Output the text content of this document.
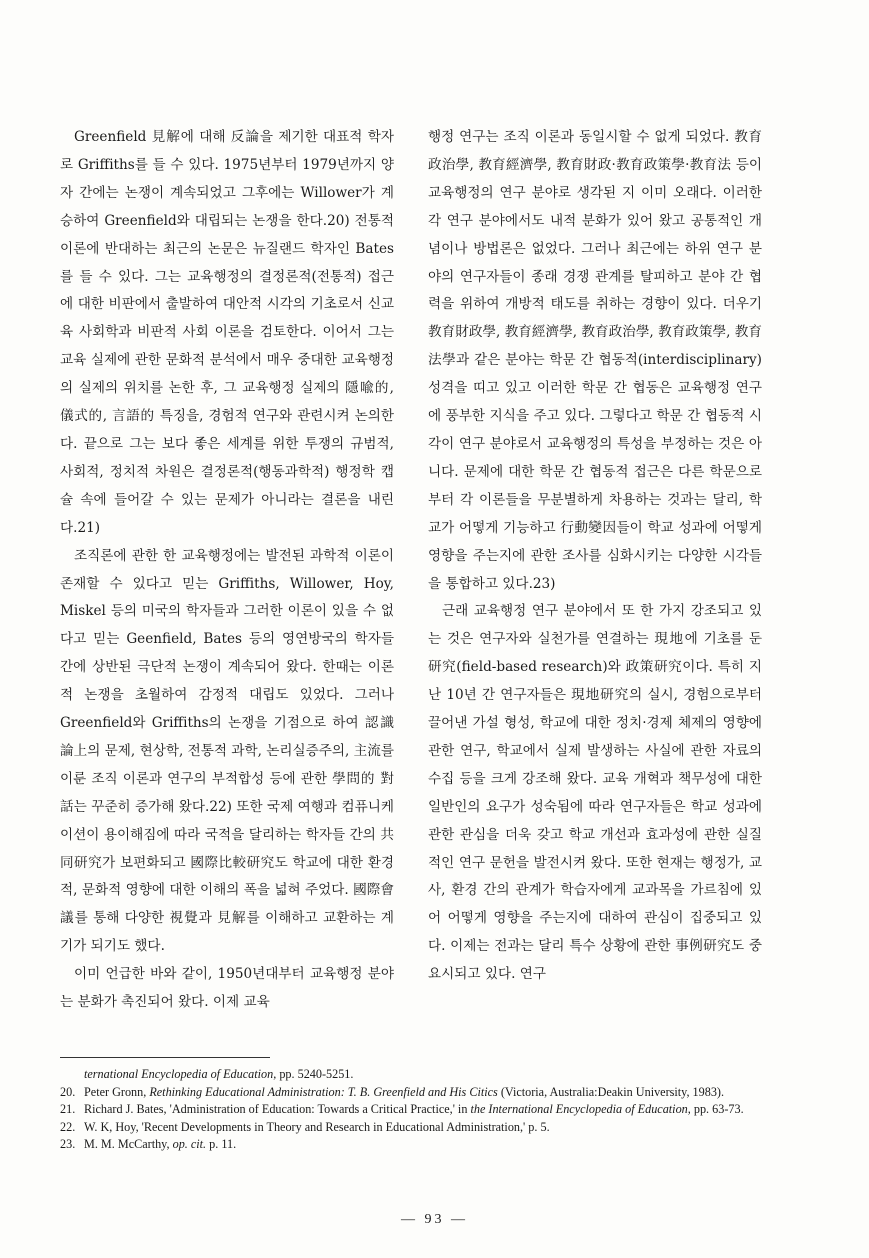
Greenfield 見解에 대해 反論을 제기한 대표적 학자로 Griffiths를 들 수 있다. 1975년부터 1979년까지 양자 간에는 논쟁이 계속되었고 그후에는 Willower가 계승하여 Greenfield와 대립되는 논쟁을 한다.20) 전통적 이론에 반대하는 최근의 논문은 뉴질랜드 학자인 Bates를 들 수 있다. 그는 교육행정의 결정론적(전통적) 접근에 대한 비판에서 출발하여 대안적 시각의 기초로서 신교육 사회학과 비판적 사회 이론을 검토한다. 이어서 그는 교육 실제에 관한 문화적 분석에서 매우 중대한 교육행정의 실제의 위치를 논한 후, 그 교육행정 실제의 隱喩的, 儀式的, 言語的 특징을, 경험적 연구와 관련시켜 논의한다. 끝으로 그는 보다 좋은 세계를 위한 투쟁의 규범적, 사회적, 정치적 차원은 결정론적(행동과학적) 행정학 캡슐 속에 들어갈 수 있는 문제가 아니라는 결론을 내린다.21)

조직론에 관한 한 교육행정에는 발전된 과학적 이론이 존재할 수 있다고 믿는 Griffiths, Willower, Hoy, Miskel 등의 미국의 학자들과 그러한 이론이 있을 수 없다고 믿는 Geenfield, Bates 등의 영연방국의 학자들 간에 상반된 극단적 논쟁이 계속되어 왔다. 한때는 이론적 논쟁을 초월하여 감정적 대립도 있었다. 그러나 Greenfield와 Griffiths의 논쟁을 기점으로 하여 認識論上의 문제, 현상학, 전통적 과학, 논리실증주의, 主流를 이룬 조직 이론과 연구의 부적합성 등에 관한 學問的 對話는 꾸준히 증가해 왔다.22) 또한 국제 여행과 컴퓨니케이션이 용이해짐에 따라 국적을 달리하는 학자들 간의 共同研究가 보편화되고 國際比較研究도 학교에 대한 환경적, 문화적 영향에 대한 이해의 폭을 넓혀 주었다. 國際會議를 통해 다양한 視覺과 見解를 이해하고 교환하는 계기가 되기도 했다.

이미 언급한 바와 같이, 1950년대부터 교육행정 분야는 분화가 촉진되어 왔다. 이제 교육

행정 연구는 조직 이론과 동일시할 수 없게 되었다. 教育政治學, 教育經濟學, 教育財政·教育政策學·教育法 등이 교육행정의 연구 분야로 생각된 지 이미 오래다. 이러한 각 연구 분야에서도 내적 분화가 있어 왔고 공통적인 개념이나 방법론은 없었다. 그러나 최근에는 하위 연구 분야의 연구자들이 종래 경쟁 관계를 탈피하고 분야 간 협력을 위하여 개방적 태도를 취하는 경향이 있다. 더우기 教育財政學, 教育經濟學, 教育政治學, 教育政策學, 教育法學과 같은 분야는 학문 간 협동적(interdisciplinary) 성격을 띠고 있고 이러한 학문 간 협동은 교육행정 연구에 풍부한 지식을 주고 있다. 그렇다고 학문 간 협동적 시각이 연구 분야로서 교육행정의 특성을 부정하는 것은 아니다. 문제에 대한 학문 간 협동적 접근은 다른 학문으로부터 각 이론들을 무분별하게 차용하는 것과는 달리, 학교가 어떻게 기능하고 行動變因들이 학교 성과에 어떻게 영향을 주는지에 관한 조사를 심화시키는 다양한 시각들을 통합하고 있다.23)

근래 교육행정 연구 분야에서 또 한 가지 강조되고 있는 것은 연구자와 실천가를 연결하는 現地에 기초를 둔 研究(field-based research)와 政策研究이다. 특히 지난 10년 간 연구자들은 現地研究의 실시, 경험으로부터 끌어낸 가설 형성, 학교에 대한 정치·경제 체제의 영향에 관한 연구, 학교에서 실제 발생하는 사실에 관한 자료의 수집 등을 크게 강조해 왔다. 교육 개혁과 책무성에 대한 일반인의 요구가 성숙됨에 따라 연구자들은 학교 성과에 관한 관심을 더욱 갖고 학교 개선과 효과성에 관한 실질적인 연구 문헌을 발전시켜 왔다. 또한 현재는 행정가, 교사, 환경 간의 관계가 학습자에게 교과목을 가르침에 있어 어떻게 영향을 주는지에 대하여 관심이 집중되고 있다. 이제는 전과는 달리 특수 상황에 관한 事例研究도 중요시되고 있다. 연구

ternational Encyclopedia of Education, pp. 5240-5251.

20. Peter Gronn, Rethinking Educational Administration: T. B. Greenfield and His Citics (Victoria, Australia:Deakin University, 1983).

21. Richard J. Bates, 'Administration of Education: Towards a Critical Practice,' in the International Encyclopedia of Education, pp. 63-73.

22. W. K, Hoy, 'Recent Developments in Theory and Research in Educational Administration,' p. 5.

23. M. M. McCarthy, op. cit. p. 11.

— 93 —
